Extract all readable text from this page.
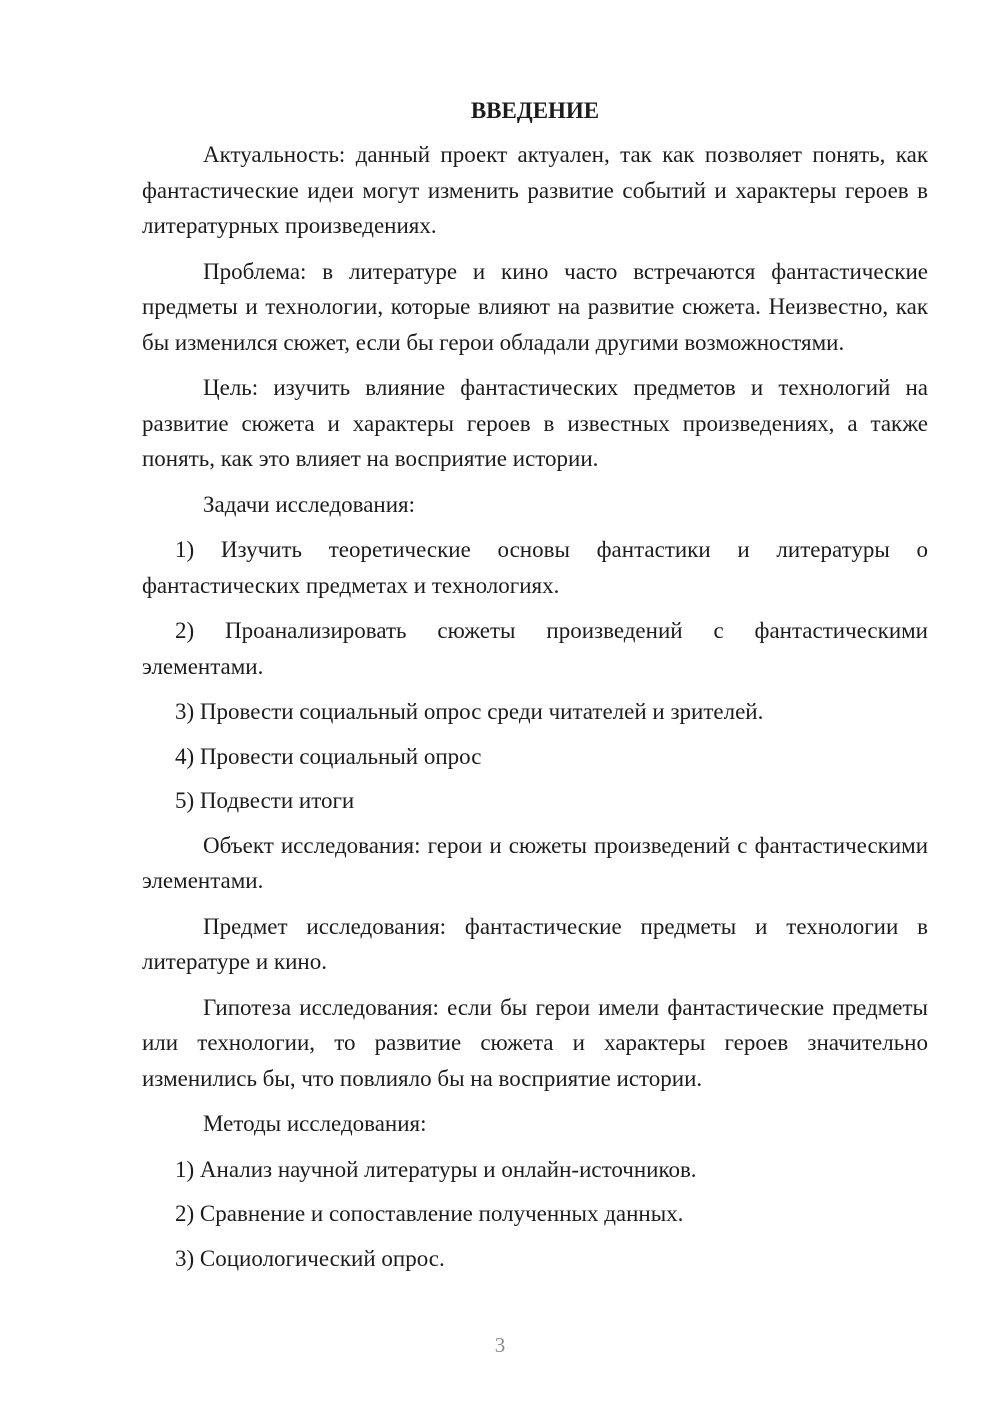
ВВЕДЕНИЕ
Актуальность: данный проект актуален, так как позволяет понять, как фантастические идеи могут изменить развитие событий и характеры героев в литературных произведениях.
Проблема: в литературе и кино часто встречаются фантастические предметы и технологии, которые влияют на развитие сюжета. Неизвестно, как бы изменился сюжет, если бы герои обладали другими возможностями.
Цель: изучить влияние фантастических предметов и технологий на развитие сюжета и характеры героев в известных произведениях, а также понять, как это влияет на восприятие истории.
Задачи исследования:
1) Изучить теоретические основы фантастики и литературы о фантастических предметах и технологиях.
2) Проанализировать сюжеты произведений с фантастическими элементами.
3) Провести социальный опрос среди читателей и зрителей.
4) Провести социальный опрос
5) Подвести итоги
Объект исследования: герои и сюжеты произведений с фантастическими элементами.
Предмет исследования: фантастические предметы и технологии в литературе и кино.
Гипотеза исследования: если бы герои имели фантастические предметы или технологии, то развитие сюжета и характеры героев значительно изменились бы, что повлияло бы на восприятие истории.
Методы исследования:
1) Анализ научной литературы и онлайн-источников.
2) Сравнение и сопоставление полученных данных.
3) Социологический опрос.
3
